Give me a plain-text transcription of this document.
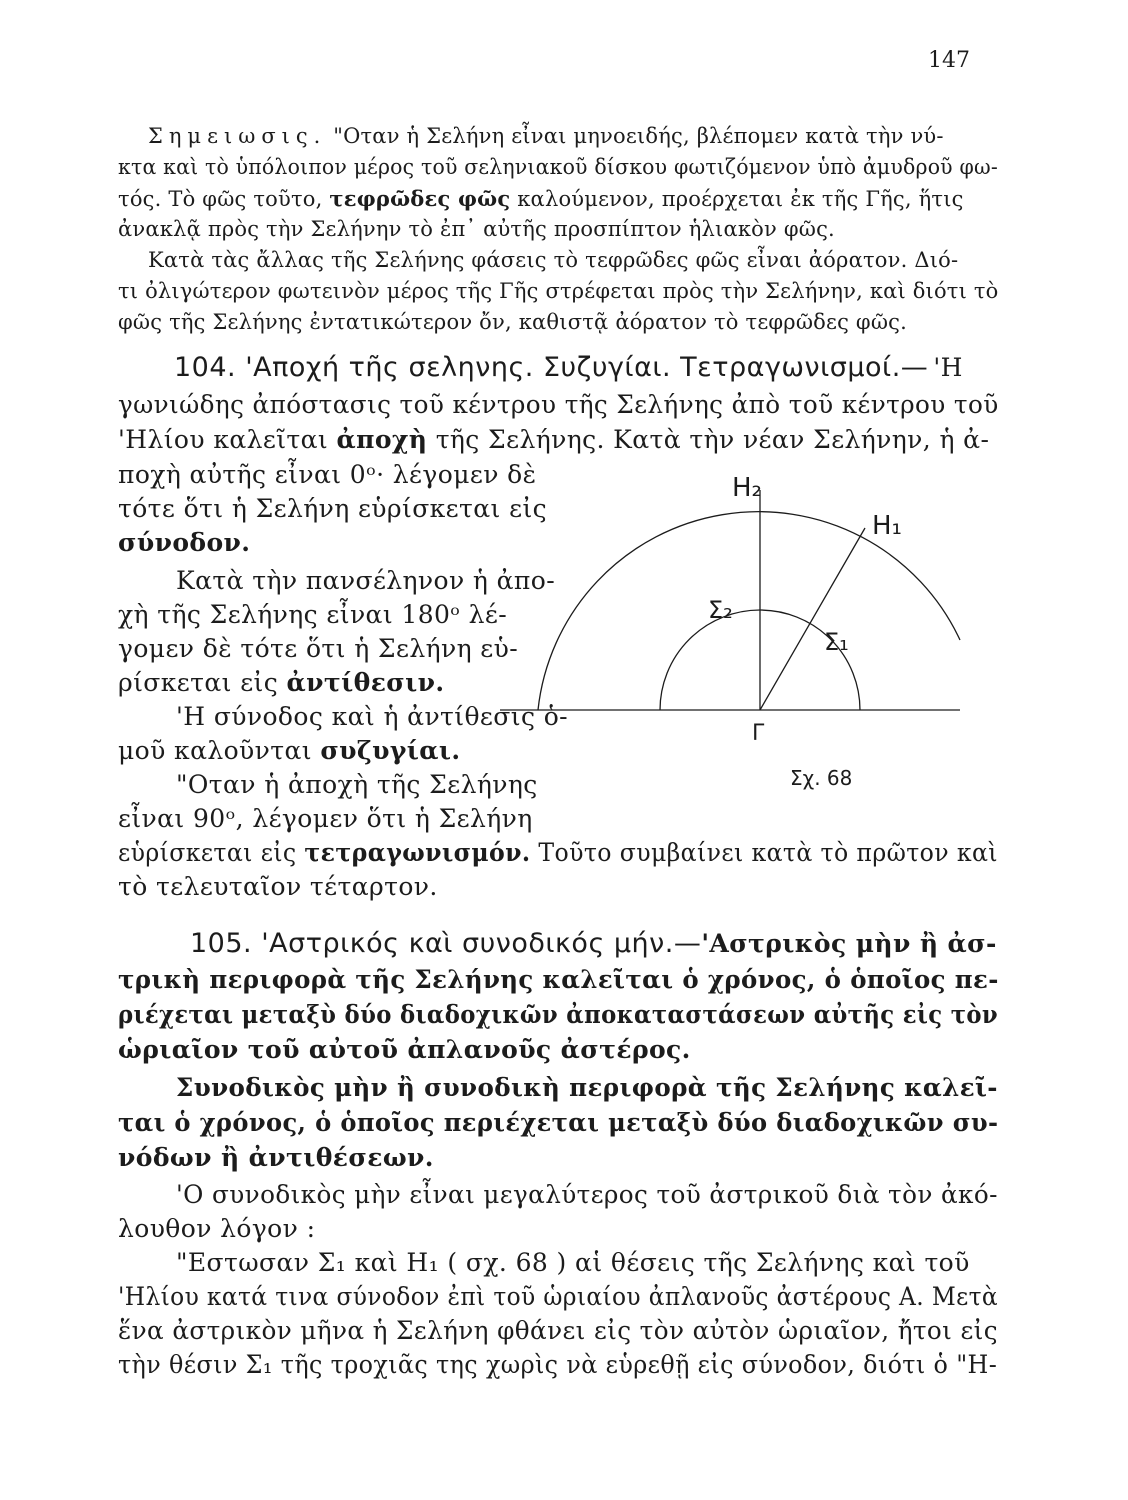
147
Σημειωσις. "Οταν ἡ Σελήνη εἶναι μηνοειδής, βλέπομεν κατὰ τὴν νύ-
κτα καὶ τὸ ὑπόλοιπον μέρος τοῦ σεληνιακοῦ δίσκου φωτιζόμενον ὑπὸ ἀμυδροῦ φω-
τός. Τὸ φῶς τοῦτο, τεφρῶδες φῶς καλούμενον, προέρχεται ἐκ τῆς Γῆς, ἥτις
ἀνακλᾷ πρὸς τὴν Σελήνην τὸ ἐπ᾿ αὐτῆς προσπίπτον ἡλιακὸν φῶς.
Κατὰ τὰς ἄλλας τῆς Σελήνης φάσεις τὸ τεφρῶδες φῶς εἶναι ἀόρατον. Διό-
τι ὀλιγώτερον φωτεινὸν μέρος τῆς Γῆς στρέφεται πρὸς τὴν Σελήνην, καὶ διότι τὸ
φῶς τῆς Σελήνης ἐντατικώτερον ὄν, καθιστᾷ ἀόρατον τὸ τεφρῶδες φῶς.
104. 'Αποχή τῆς σεληνης. Συζυγίαι. Τετραγωνισμοί.— 'Η
γωνιώδης ἀπόστασις τοῦ κέντρου τῆς Σελήνης ἀπὸ τοῦ κέντρου τοῦ
'Ηλίου καλεῖται ἀποχὴ τῆς Σελήνης. Κατὰ τὴν νέαν Σελήνην, ἡ ἀ-
ποχὴ αὐτῆς εἶναι 0ᵒ· λέγομεν δὲ
τότε ὅτι ἡ Σελήνη εὑρίσκεται εἰς
σύνοδον.
Κατὰ τὴν πανσέληνον ἡ ἀπο-
χὴ τῆς Σελήνης εἶναι 180ᵒ λέ-
γομεν δὲ τότε ὅτι ἡ Σελήνη εὑ-
ρίσκεται εἰς ἀντίθεσιν.
'Η σύνοδος καὶ ἡ ἀντίθεσις ὁ-
μοῦ καλοῦνται συζυγίαι.
"Οταν ἡ ἀποχὴ τῆς Σελήνης
εἶναι 90ᵒ, λέγομεν ὅτι ἡ Σελήνη
εὑρίσκεται εἰς τετραγωνισμόν. Τοῦτο συμβαίνει κατὰ τὸ πρῶτον καὶ
τὸ τελευταῖον τέταρτον.
H₂
H₁
Σ₂
Σ₁
Γ
Σχ. 68
105. 'Αστρικός καὶ συνοδικός μήν.—'Αστρικὸς μὴν ἢ ἀσ-
τρικὴ περιφορὰ τῆς Σελήνης καλεῖται ὁ χρόνος, ὁ ὁποῖος πε-
ριέχεται μεταξὺ δύο διαδοχικῶν ἀποκαταστάσεων αὐτῆς εἰς τὸν
ὡριαῖον τοῦ αὐτοῦ ἀπλανοῦς ἀστέρος.
Συνοδικὸς μὴν ἢ συνοδικὴ περιφορὰ τῆς Σελήνης καλεῖ-
ται ὁ χρόνος, ὁ ὁποῖος περιέχεται μεταξὺ δύο διαδοχικῶν συ-
νόδων ἢ ἀντιθέσεων.
'Ο συνοδικὸς μὴν εἶναι μεγαλύτερος τοῦ ἀστρικοῦ διὰ τὸν ἀκό-
λουθον λόγον :
"Εστωσαν Σ₁ καὶ H₁ ( σχ. 68 ) αἱ θέσεις τῆς Σελήνης καὶ τοῦ
'Ηλίου κατά τινα σύνοδον ἐπὶ τοῦ ὡριαίου ἀπλανοῦς ἀστέρους Α. Μετὰ
ἕνα ἀστρικὸν μῆνα ἡ Σελήνη φθάνει εἰς τὸν αὐτὸν ὡριαῖον, ἤτοι εἰς
τὴν θέσιν Σ₁ τῆς τροχιᾶς της χωρὶς νὰ εὑρεθῇ εἰς σύνοδον, διότι ὁ "Η-
